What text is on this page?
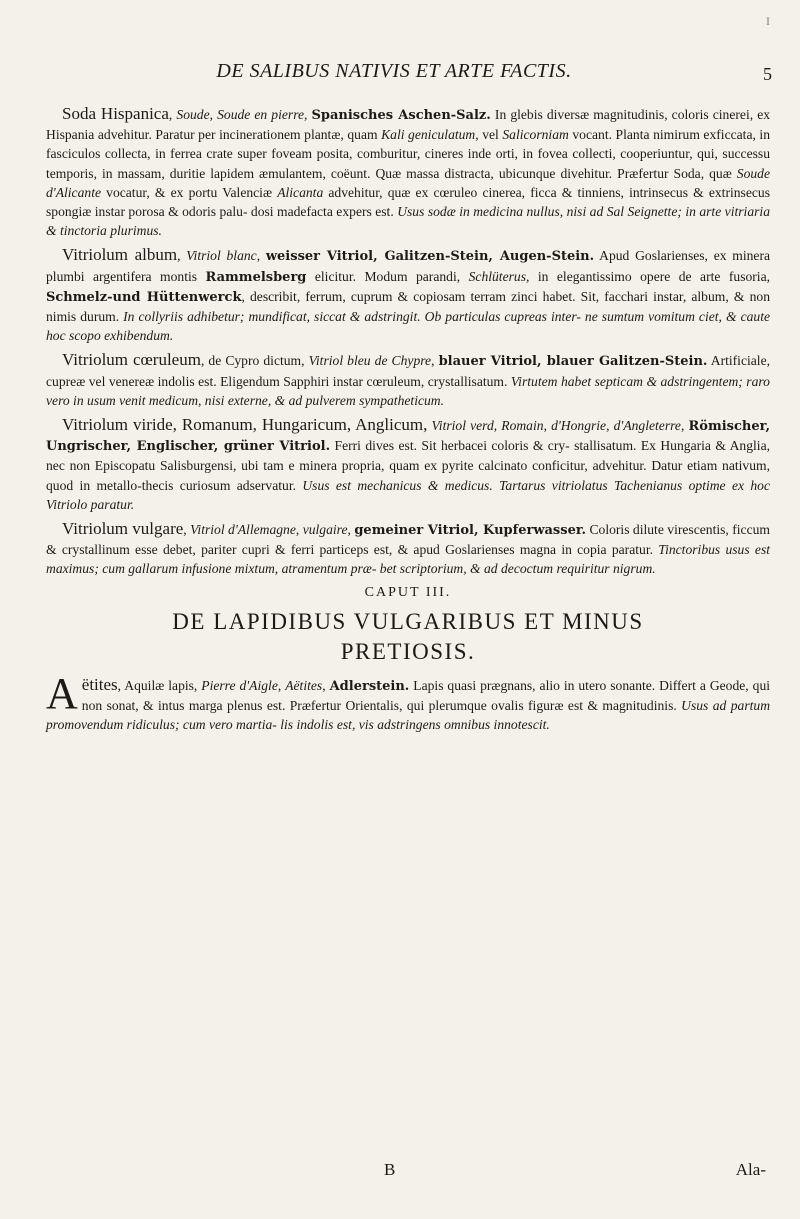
I
DE SALIBUS NATIVIS ET ARTE FACTIS.	5

Soda Hispanica, Soude, Soude en pierre, Spanisches Aschen-Salz. In glebis diversæ magnitudinis, coloris cinerei, ex Hispania advehitur. Paratur per incinerationem plantæ, quam Kali geniculatum, vel Salicorniam vocant. Planta nimirum exficcata, in fasciculos collecta, in ferrea crate super foveam posita, comburitur, cineres inde orti, in fovea collecti, cooperiuntur, qui, successu temporis, in massam, duritie lapidem æmulantem, coëunt. Quæ massa distracta, ubicunque divehitur. Præfertur Soda, quæ Soude d'Alicante vocatur, & ex portu Valenciæ Alicanta advehitur, quæ ex cœruleo cinerea, ficca & tinniens, intrinsecus & extrinsecus spongiæ instar porosa & odoris palu- dosi madefacta expers est. Usus sodæ in medicina nullus, nisi ad Sal Seignette; in arte vitriaria & tinctoria plurimus.

Vitriolum album, Vitriol blanc, weisser Vitriol, Galitzen-Stein, Augen-Stein. Apud Goslarienses, ex minera plumbi argentifera montis Rammelsberg elicitur. Modum parandi, Schlüterus, in elegantissimo opere de arte fusoria, Schmelz-und Hüttenwerck, describit, ferrum, cuprum & copiosam terram zinci habet. Sit, facchari instar, album, & non nimis durum. In collyriis adhibetur; mundificat, siccat & adstringit. Ob particulas cupreas inter- ne sumtum vomitum ciet, & caute hoc scopo exhibendum.

Vitriolum cœruleum, de Cypro dictum, Vitriol bleu de Chypre, blauer Vitriol, blauer Galitzen-Stein. Artificiale, cupreæ vel venereæ indolis est. Eligendum Sapphiri instar cœruleum, crystallisatum. Virtutem habet septicam & adstringentem; raro vero in usum venit medicum, nisi externe, & ad pulverem sympatheticum.

Vitriolum viride, Romanum, Hungaricum, Anglicum, Vitriol verd, Romain, d'Hongrie, d'Angleterre, Römischer, Ungrischer, Englischer, grüner Vitriol. Ferri dives est. Sit herbacei coloris & cry- stallisatum. Ex Hungaria & Anglia, nec non Episcopatu Salisburgensi, ubi tam e minera propria, quam ex pyrite calcinato conficitur, advehitur. Datur etiam nativum, quod in metallo-thecis curiosum adservatur. Usus est mechanicus & medicus. Tartarus vitriolatus Tachenianus optime ex hoc Vitriolo paratur.

Vitriolum vulgare, Vitriol d'Allemagne, vulgaire, gemeiner Vitriol, Kupferwasser. Coloris dilute virescentis, ficcum & crystallinum esse debet, pariter cupri & ferri particeps est, & apud Goslarienses magna in copia paratur. Tinctoribus usus est maximus; cum gallarum infusione mixtum, atramentum præ- bet scriptorium, & ad decoctum requiritur nigrum.

CAPUT III.
DE LAPIDIBUS VULGARIBUS ET MINUS
PRETIOSIS.

Aëtites, Aquilæ lapis, Pierre d'Aigle, Aëtites, Adlerstein. Lapis quasi prægnans, alio in utero sonante. Differt a Geode, qui non sonat, & intus marga plenus est. Præfertur Orientalis, qui plerumque ovalis figuræ est & magnitudinis. Usus ad partum promovendum ridiculus; cum vero martia- lis indolis est, vis adstringens omnibus innotescit.

B	Ala-
